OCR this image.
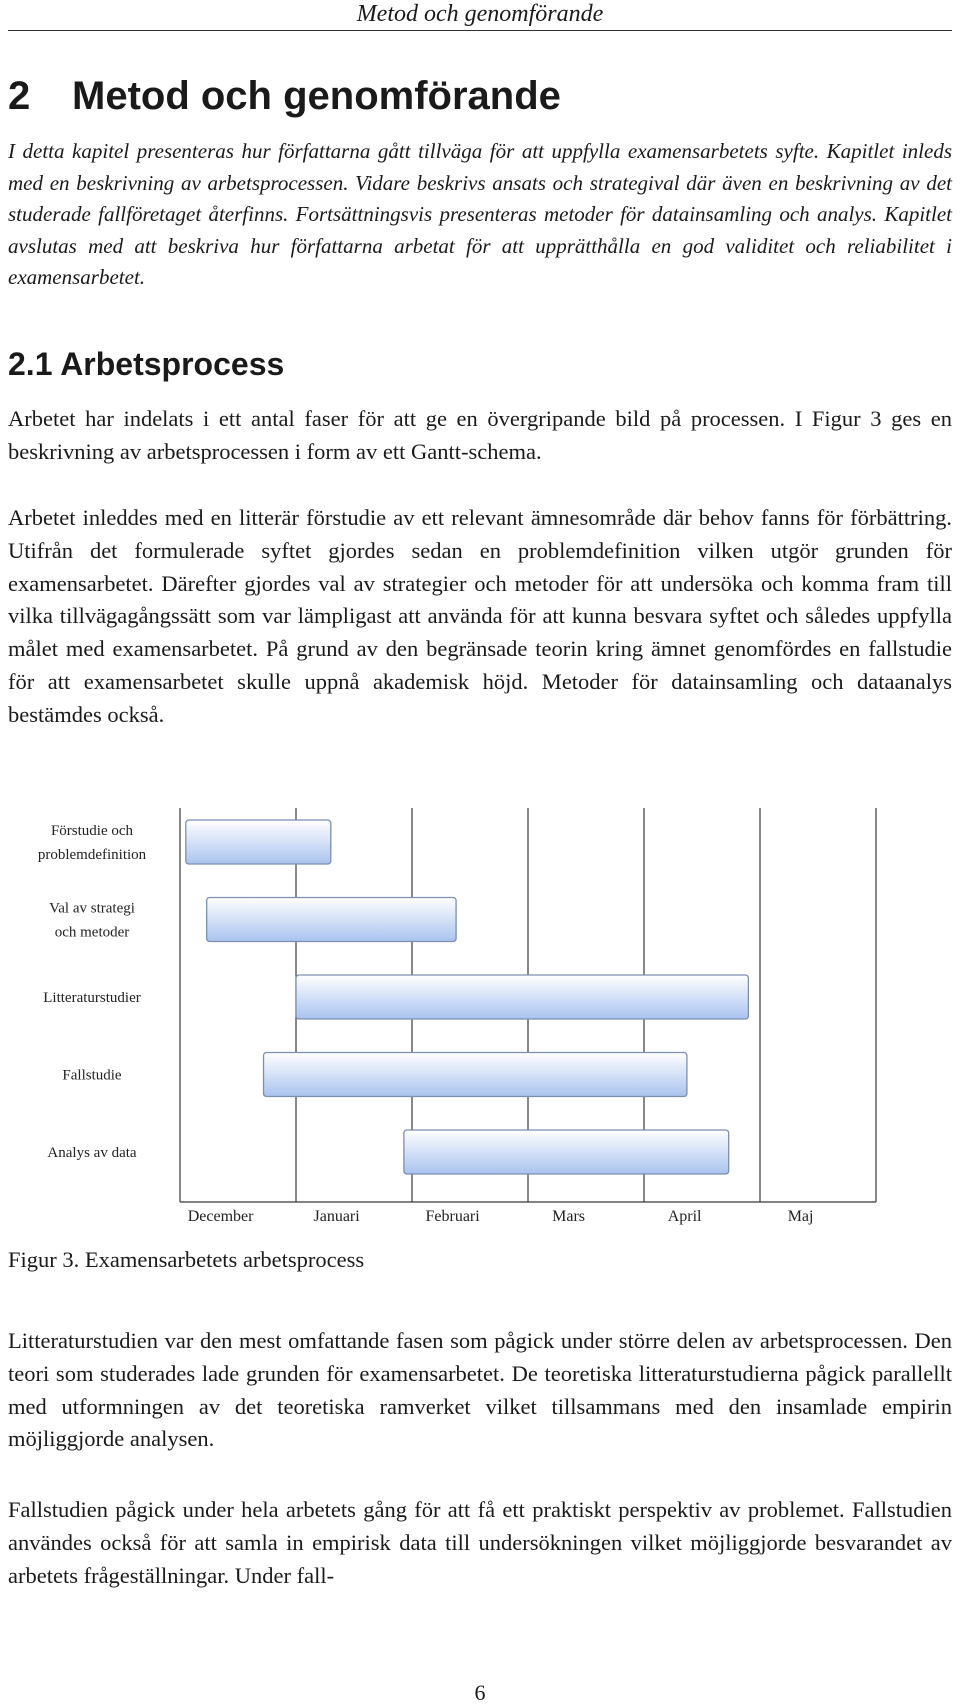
Metod och genomförande
2 Metod och genomförande

I detta kapitel presenteras hur författarna gått tillväga för att uppfylla examensarbetets syfte. Kapitlet inleds med en beskrivning av arbetsprocessen. Vidare beskrivs ansats och strategival där även en beskrivning av det studerade fallföretaget återfinns. Fortsättningsvis presenteras metoder för datainsamling och analys. Kapitlet avslutas med att beskriva hur författarna arbetat för att upprätthålla en god validitet och reliabilitet i examensarbetet.

2.1 Arbetsprocess

Arbetet har indelats i ett antal faser för att ge en övergripande bild på processen. I Figur 3 ges en beskrivning av arbetsprocessen i form av ett Gantt-schema.

Arbetet inleddes med en litterär förstudie av ett relevant ämnesområde där behov fanns för förbättring. Utifrån det formulerade syftet gjordes sedan en problemdefinition vilken utgör grunden för examensarbetet. Därefter gjordes val av strategier och metoder för att undersöka och komma fram till vilka tillvägagångssätt som var lämpligast att använda för att kunna besvara syftet och således uppfylla målet med examensarbetet. På grund av den begränsade teorin kring ämnet genomfördes en fallstudie för att examensarbetet skulle uppnå akademisk höjd. Metoder för datainsamling och dataanalys bestämdes också.

Förstudie och
problemdefinition
Val av strategi
och metoder
Litteraturstudier
Fallstudie
Analys av data
December	Januari	Februari	Mars	April	Maj

Figur 3. Examensarbetets arbetsprocess

Litteraturstudien var den mest omfattande fasen som pågick under större delen av arbetsprocessen. Den teori som studerades lade grunden för examensarbetet. De teoretiska litteraturstudierna pågick parallellt med utformningen av det teoretiska ramverket vilket tillsammans med den insamlade empirin möjliggjorde analysen.

Fallstudien pågick under hela arbetets gång för att få ett praktiskt perspektiv av problemet. Fallstudien användes också för att samla in empirisk data till undersökningen vilket möjliggjorde besvarandet av arbetets frågeställningar. Under fall-

6
